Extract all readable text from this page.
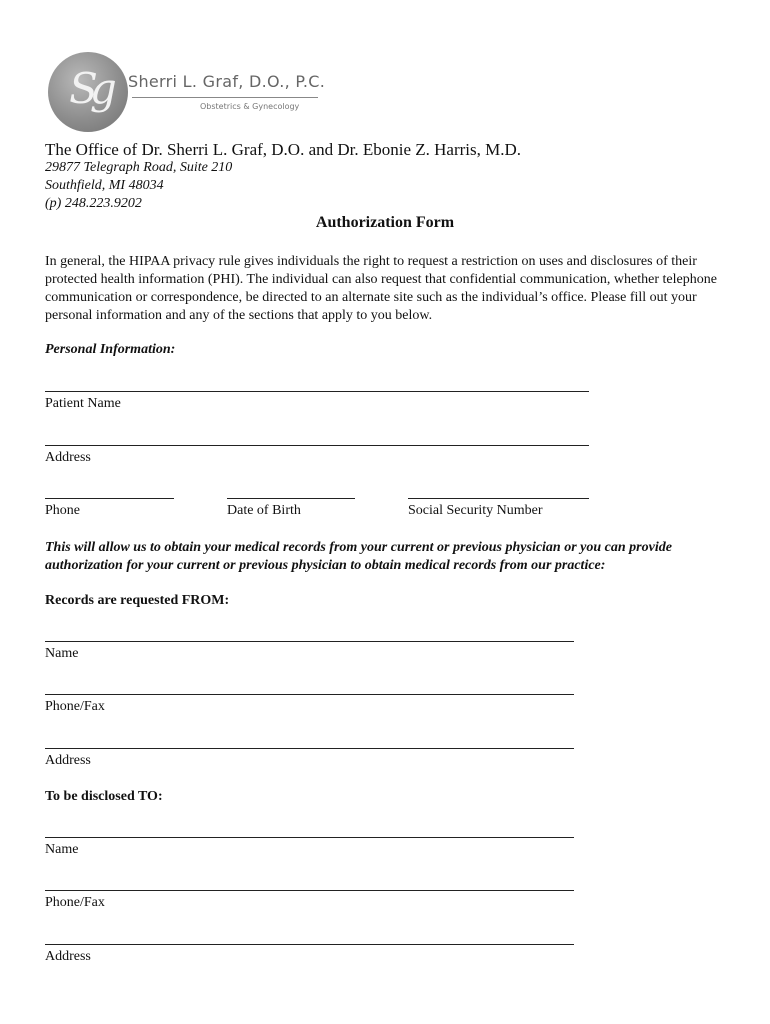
Sg	Sherri L. Graf, D.O., P.C.
Obstetrics & Gynecology
The Office of Dr. Sherri L. Graf, D.O. and Dr. Ebonie Z. Harris, M.D.
29877 Telegraph Road, Suite 210
Southfield, MI 48034
(p) 248.223.9202
Authorization Form
In general, the HIPAA privacy rule gives individuals the right to request a restriction on uses and disclosures of their protected health information (PHI). The individual can also request that confidential communication, whether telephone communication or correspondence, be directed to an alternate site such as the individual’s office. Please fill out your personal information and any of the sections that apply to you below.
Personal Information:
Patient Name
Address
Phone	Date of Birth	Social Security Number
This will allow us to obtain your medical records from your current or previous physician or you can provide authorization for your current or previous physician to obtain medical records from our practice:
Records are requested FROM:
Name
Phone/Fax
Address
To be disclosed TO:
Name
Phone/Fax
Address
